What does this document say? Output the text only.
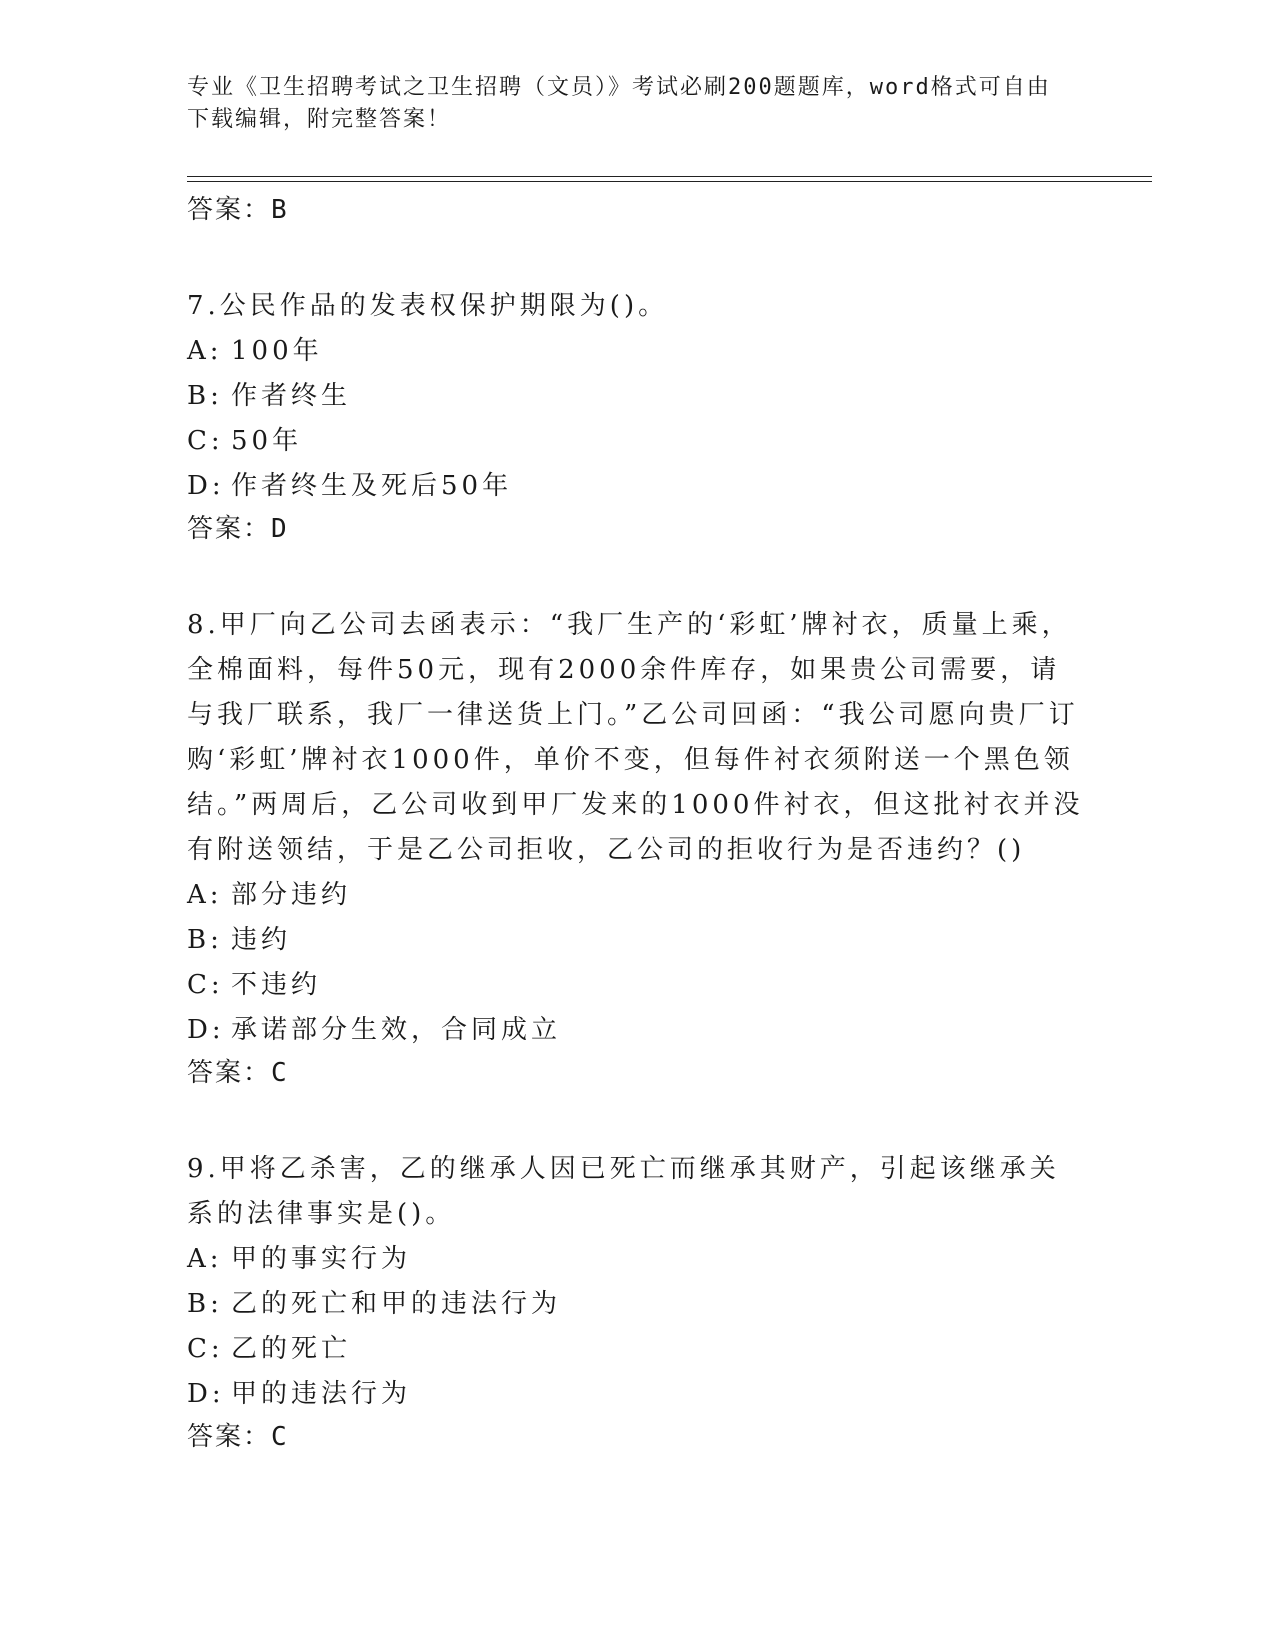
专业《卫生招聘考试之卫生招聘（文员）》考试必刷200题题库，word格式可自由下载编辑，附完整答案！
答案：B
7.公民作品的发表权保护期限为()。
A: 100年
B: 作者终生
C: 50年
D: 作者终生及死后50年
答案：D
8.甲厂向乙公司去函表示：“我厂生产的‘彩虹’牌衬衣，质量上乘，全棉面料，每件50元，现有2000余件库存，如果贵公司需要，请与我厂联系，我厂一律送货上门。”乙公司回函：“我公司愿向贵厂订购‘彩虹’牌衬衣1000件，单价不变，但每件衬衣须附送一个黑色领结。”两周后，乙公司收到甲厂发来的1000件衬衣，但这批衬衣并没有附送领结，于是乙公司拒收，乙公司的拒收行为是否违约？()
A: 部分违约
B: 违约
C: 不违约
D: 承诺部分生效，合同成立
答案：C
9.甲将乙杀害，乙的继承人因已死亡而继承其财产，引起该继承关系的法律事实是()。
A: 甲的事实行为
B: 乙的死亡和甲的违法行为
C: 乙的死亡
D: 甲的违法行为
答案：C
